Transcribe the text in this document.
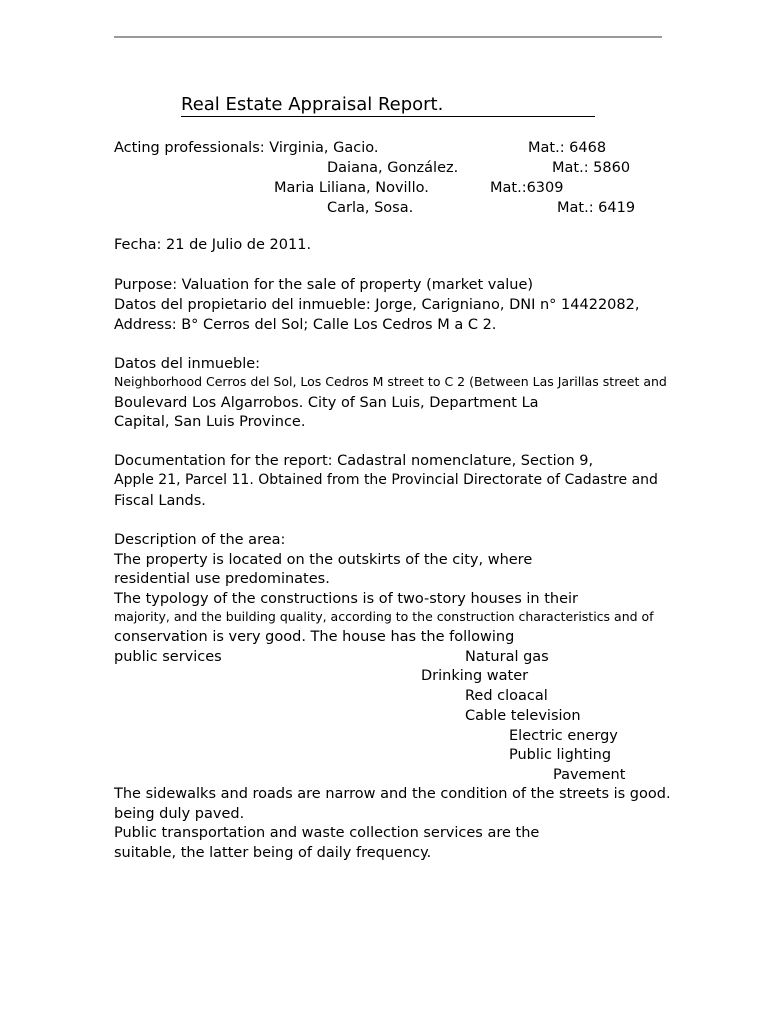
Real Estate Appraisal Report.
Acting professionals: Virginia, Gacio.	Mat.: 6468
Daiana, González.	Mat.: 5860
Maria Liliana, Novillo.	Mat.:6309
Carla, Sosa.	Mat.: 6419
Fecha: 21 de Julio de 2011.
Purpose: Valuation for the sale of property (market value)
Datos del propietario del inmueble: Jorge, Carigniano, DNI n° 14422082,
Address: B° Cerros del Sol; Calle Los Cedros M a C 2.
Datos del inmueble:
Neighborhood Cerros del Sol, Los Cedros M street to C 2 (Between Las Jarillas street and
Boulevard Los Algarrobos. City of San Luis, Department La
Capital, San Luis Province.
Documentation for the report: Cadastral nomenclature, Section 9,
Apple 21, Parcel 11. Obtained from the Provincial Directorate of Cadastre and
Fiscal Lands.
Description of the area:
The property is located on the outskirts of the city, where
residential use predominates.
The typology of the constructions is of two-story houses in their
majority, and the building quality, according to the construction characteristics and of
conservation is very good. The house has the following
public services	Natural gas
Drinking water
Red cloacal
Cable television
Electric energy
Public lighting
Pavement
The sidewalks and roads are narrow and the condition of the streets is good.
being duly paved.
Public transportation and waste collection services are the
suitable, the latter being of daily frequency.
